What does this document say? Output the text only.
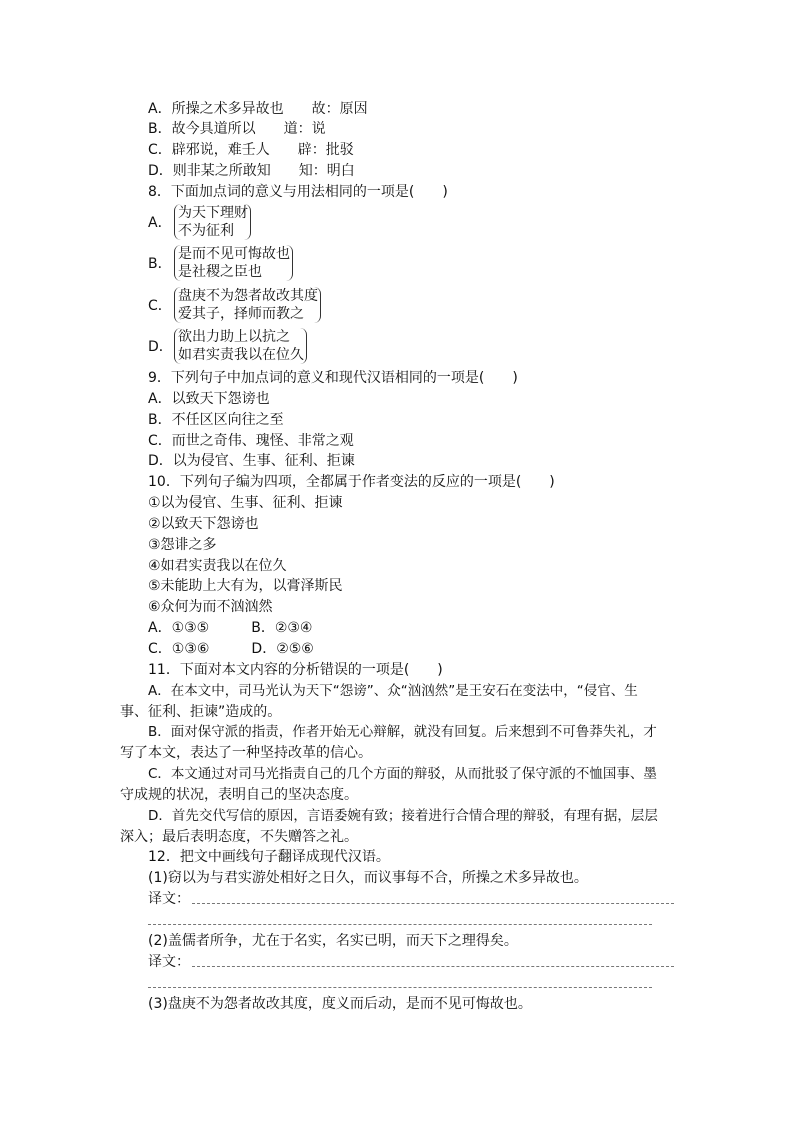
A．所操之术多异故也　　故：原因
B．故今具道所以　　道：说
C．辟邪说，难壬人　　辟：批驳
D．则非某之所敢知　　知：明白
8．下面加点词的意义与用法相同的一项是(　　)
A．
为天下理财
不为征利
B．
是而不见可悔故也
是社稷之臣也
C．
盘庚不为怨者故改其度
爱其子，择师而教之
D．
欲出力助上以抗之
如君实责我以在位久
9．下列句子中加点词的意义和现代汉语相同的一项是(　　)
A．以致天下怨谤也
B．不任区区向往之至
C．而世之奇伟、瑰怪、非常之观
D．以为侵官、生事、征利、拒谏
10．下列句子编为四项，全都属于作者变法的反应的一项是(　　)
①以为侵官、生事、征利、拒谏
②以致天下怨谤也
③怨诽之多
④如君实责我以在位久
⑤未能助上大有为，以膏泽斯民
⑥众何为而不汹汹然
A．①③⑤　　　B．②③④
C．①③⑥　　　D．②⑤⑥
11．下面对本文内容的分析错误的一项是(　　)
A．在本文中，司马光认为天下“怨谤”、众“汹汹然”是王安石在变法中，“侵官、生
事、征利、拒谏”造成的。
B．面对保守派的指责，作者开始无心辩解，就没有回复。后来想到不可鲁莽失礼，才
写了本文，表达了一种坚持改革的信心。
C．本文通过对司马光指责自己的几个方面的辩驳，从而批驳了保守派的不恤国事、墨
守成规的状况，表明自己的坚决态度。
D．首先交代写信的原因，言语委婉有致；接着进行合情合理的辩驳，有理有据，层层
深入；最后表明态度，不失赠答之礼。
12．把文中画线句子翻译成现代汉语。
(1)窃以为与君实游处相好之日久，而议事每不合，所操之术多异故也。
译文：
(2)盖儒者所争，尤在于名实，名实已明，而天下之理得矣。
译文：
(3)盘庚不为怨者故改其度，度义而后动，是而不见可悔故也。
